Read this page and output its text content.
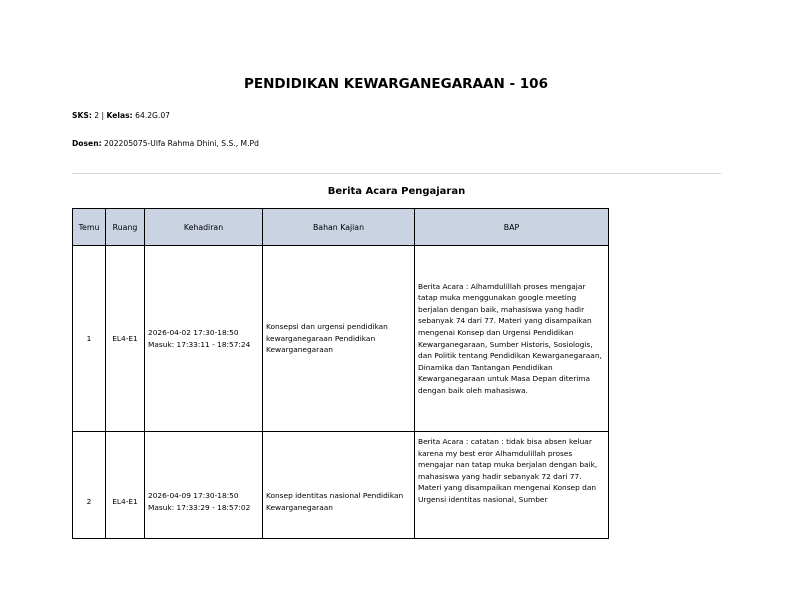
PENDIDIKAN KEWARGANEGARAAN - 106
SKS: 2 | Kelas: 64.2G.07
Dosen: 202205075-Ulfa Rahma Dhini, S.S., M.Pd
Berita Acara Pengajaran
Temu	Ruang	Kehadiran	Bahan Kajian	BAP
1	EL4-E1	2026-04-02 17:30-18:50 Masuk: 17:33:11 - 18:57:24	Konsepsi dan urgensi pendidikan kewarganegaraan Pendidikan Kewarganegaraan	Berita Acara : Alhamdulillah proses mengajar tatap muka menggunakan google meeting berjalan dengan baik, mahasiswa yang hadir sebanyak 74 dari 77. Materi yang disampaikan mengenai Konsep dan Urgensi Pendidikan Kewarganegaraan, Sumber Historis, Sosiologis, dan Politik tentang Pendidikan Kewarganegaraan, Dinamika dan Tantangan Pendidikan Kewarganegaraan untuk Masa Depan diterima dengan baik oleh mahasiswa.
2	EL4-E1	2026-04-09 17:30-18:50 Masuk: 17:33:29 - 18:57:02	Konsep identitas nasional Pendidikan Kewarganegaraan	Berita Acara : catatan : tidak bisa absen keluar karena my best eror Alhamdulillah proses mengajar nan tatap muka berjalan dengan baik, mahasiswa yang hadir sebanyak 72 dari 77. Materi yang disampaikan mengenai Konsep dan Urgensi identitas nasional, Sumber
